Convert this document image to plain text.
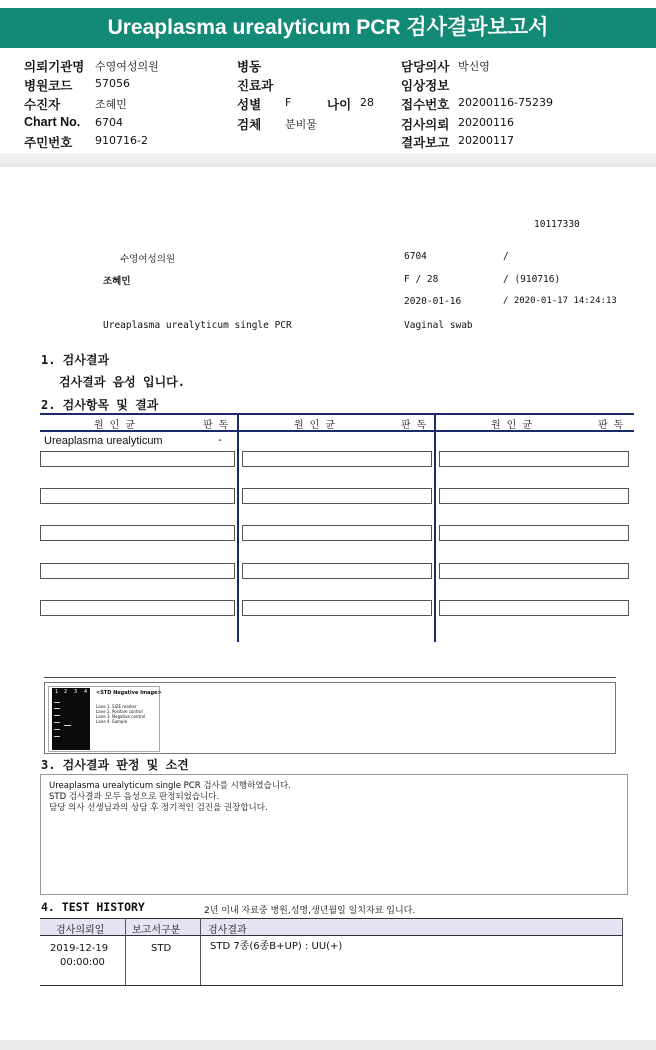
Ureaplasma urealyticum PCR 검사결과보고서
의뢰기관명 수영여성의원
병원코드 57056
수진자	조혜민
Chart No. 6704
주민번호 910716-2
병동
진료과
성별 F	나이 28
검체 분비물
담당의사 박신영
임상정보
접수번호 20200116-75239
검사의뢰 20200116
결과보고 20200117
10117330
수영여성의원	6704	/
조혜민	F / 28	/ (910716)
2020-01-16	/ 2020-01-17 14:24:13
Ureaplasma urealyticum single PCR	Vaginal swab
1. 검사결과
검사결과 음성 입니다.
2. 검사항목 및 결과
원 인 균	판 독	원 인 균	판 독	원 인 균	판 독
Ureaplasma urealyticum	-
1 2 3 4 <STD Negative Image>
Lane 1. SIZE marker
Lane 2. Positive control
Lane 3. Negative control
Lane 4. Sample
3. 검사결과 판정 및 소견
Ureaplasma urealyticum single PCR 검사를 시행하였습니다.
STD 검사결과 모두 음성으로 판정되었습니다.
담당 의사 선생님과의 상담 후 정기적인 검진을 권장합니다.
4. TEST HISTORY	2년 이내 자료중 병원,성명,생년월일 일치자료 입니다.
검사의뢰일	보고서구분	검사결과
2019-12-19
00:00:00
STD	STD 7종(6종B+UP) : UU(+)
